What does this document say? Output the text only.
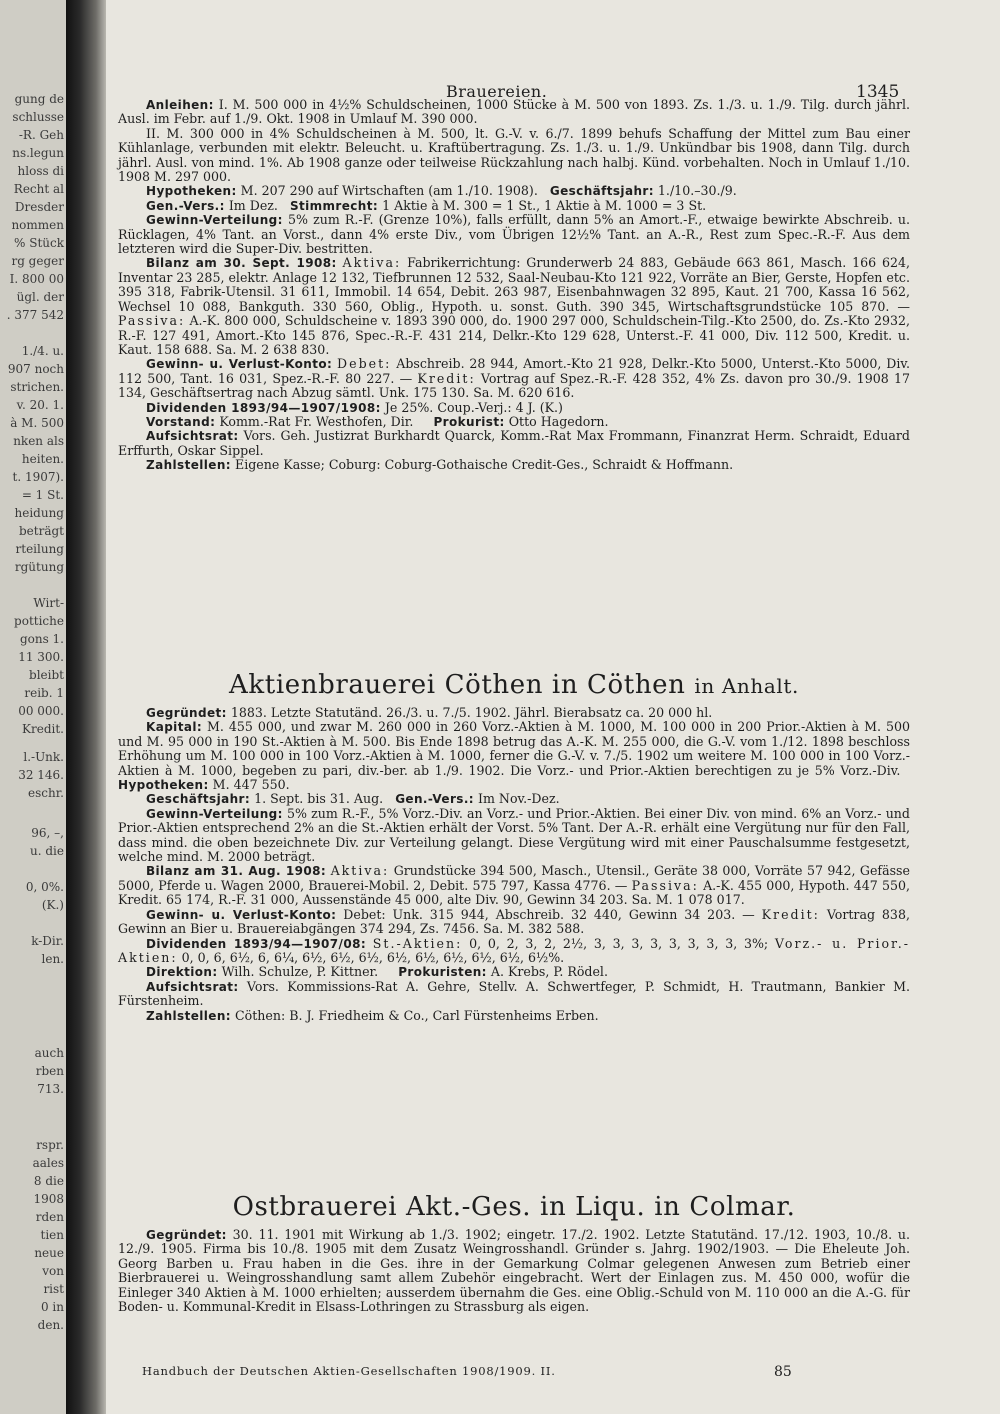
gung de
schlusse
-R. Geh
ns.legun
hloss di
Recht al
Dresder
nommen
% Stück
rg geger
I. 800 00
ügl. der
. 377 542
1./4. u.
907 noch
strichen.
v. 20. 1.
à M. 500
nken als
heiten.
t. 1907).
= 1 St.
heidung
beträgt
rteilung
rgütung
Wirt-
pottiche
gons 1.
11 300.
bleibt
reib. 1
00 000.
Kredit.
l.-Unk.
32 146.
eschr.
96, –,
u. die
0, 0%.
(K.)
k-Dir.
len.
auch
rben
713.
rspr.
aales
8 die
1908
rden
tien
neue
von
rist
0 in
den.
Brauereien.	1345

Anleihen: I. M. 500 000 in 4½% Schuldscheinen, 1000 Stücke à M. 500 von 1893. Zs. 1./3. u. 1./9. Tilg. durch jährl. Ausl. im Febr. auf 1./9. Okt. 1908 in Umlauf M. 390 000.

II. M. 300 000 in 4% Schuldscheinen à M. 500, lt. G.-V. v. 6./7. 1899 behufs Schaffung der Mittel zum Bau einer Kühlanlage, verbunden mit elektr. Beleucht. u. Kraftübertragung. Zs. 1./3. u. 1./9. Unkündbar bis 1908, dann Tilg. durch jährl. Ausl. von mind. 1%. Ab 1908 ganze oder teilweise Rückzahlung nach halbj. Künd. vorbehalten. Noch in Umlauf 1./10. 1908 M. 297 000.

Hypotheken: M. 207 290 auf Wirtschaften (am 1./10. 1908). Geschäftsjahr: 1./10.–30./9.

Gen.-Vers.: Im Dez. Stimmrecht: 1 Aktie à M. 300 = 1 St., 1 Aktie à M. 1000 = 3 St.

Gewinn-Verteilung: 5% zum R.-F. (Grenze 10%), falls erfüllt, dann 5% an Amort.-F., etwaige bewirkte Abschreib. u. Rücklagen, 4% Tant. an Vorst., dann 4% erste Div., vom Übrigen 12½% Tant. an A.-R., Rest zum Spec.-R.-F. Aus dem letzteren wird die Super-Div. bestritten.

Bilanz am 30. Sept. 1908: Aktiva: Fabrikerrichtung: Grunderwerb 24 883, Gebäude 663 861, Masch. 166 624, Inventar 23 285, elektr. Anlage 12 132, Tiefbrunnen 12 532, Saal-Neubau-Kto 121 922, Vorräte an Bier, Gerste, Hopfen etc. 395 318, Fabrik-Utensil. 31 611, Immobil. 14 654, Debit. 263 987, Eisenbahnwagen 32 895, Kaut. 21 700, Kassa 16 562, Wechsel 10 088, Bankguth. 330 560, Oblig., Hypoth. u. sonst. Guth. 390 345, Wirtschaftsgrundstücke 105 870. — Passiva: A.-K. 800 000, Schuldscheine v. 1893 390 000, do. 1900 297 000, Schuldschein-Tilg.-Kto 2500, do. Zs.-Kto 2932, R.-F. 127 491, Amort.-Kto 145 876, Spec.-R.-F. 431 214, Delkr.-Kto 129 628, Unterst.-F. 41 000, Div. 112 500, Kredit. u. Kaut. 158 688. Sa. M. 2 638 830.

Gewinn- u. Verlust-Konto: Debet: Abschreib. 28 944, Amort.-Kto 21 928, Delkr.-Kto 5000, Unterst.-Kto 5000, Div. 112 500, Tant. 16 031, Spez.-R.-F. 80 227. — Kredit: Vortrag auf Spez.-R.-F. 428 352, 4% Zs. davon pro 30./9. 1908 17 134, Geschäftsertrag nach Abzug sämtl. Unk. 175 130. Sa. M. 620 616.

Dividenden 1893/94—1907/1908: Je 25%. Coup.-Verj.: 4 J. (K.)

Vorstand: Komm.-Rat Fr. Westhofen, Dir. Prokurist: Otto Hagedorn.

Aufsichtsrat: Vors. Geh. Justizrat Burkhardt Quarck, Komm.-Rat Max Frommann, Finanzrat Herm. Schraidt, Eduard Erffurth, Oskar Sippel.

Zahlstellen: Eigene Kasse; Coburg: Coburg-Gothaische Credit-Ges., Schraidt & Hoffmann.

Aktienbrauerei Cöthen in Cöthen in Anhalt.

Gegründet: 1883. Letzte Statutänd. 26./3. u. 7./5. 1902. Jährl. Bierabsatz ca. 20 000 hl.

Kapital: M. 455 000, und zwar M. 260 000 in 260 Vorz.-Aktien à M. 1000, M. 100 000 in 200 Prior.-Aktien à M. 500 und M. 95 000 in 190 St.-Aktien à M. 500. Bis Ende 1898 betrug das A.-K. M. 255 000, die G.-V. vom 1./12. 1898 beschloss Erhöhung um M. 100 000 in 100 Vorz.-Aktien à M. 1000, ferner die G.-V. v. 7./5. 1902 um weitere M. 100 000 in 100 Vorz.-Aktien à M. 1000, begeben zu pari, div.-ber. ab 1./9. 1902. Die Vorz.- und Prior.-Aktien berechtigen zu je 5% Vorz.-Div.   Hypotheken: M. 447 550.

Geschäftsjahr: 1. Sept. bis 31. Aug. Gen.-Vers.: Im Nov.-Dez.

Gewinn-Verteilung: 5% zum R.-F., 5% Vorz.-Div. an Vorz.- und Prior.-Aktien. Bei einer Div. von mind. 6% an Vorz.- und Prior.-Aktien entsprechend 2% an die St.-Aktien erhält der Vorst. 5% Tant. Der A.-R. erhält eine Vergütung nur für den Fall, dass mind. die oben bezeichnete Div. zur Verteilung gelangt. Diese Vergütung wird mit einer Pauschalsumme festgesetzt, welche mind. M. 2000 beträgt.

Bilanz am 31. Aug. 1908: Aktiva: Grundstücke 394 500, Masch., Utensil., Geräte 38 000, Vorräte 57 942, Gefässe 5000, Pferde u. Wagen 2000, Brauerei-Mobil. 2, Debit. 575 797, Kassa 4776. — Passiva: A.-K. 455 000, Hypoth. 447 550, Kredit. 65 174, R.-F. 31 000, Aussenstände 45 000, alte Div. 90, Gewinn 34 203. Sa. M. 1 078 017.

Gewinn- u. Verlust-Konto: Debet: Unk. 315 944, Abschreib. 32 440, Gewinn 34 203. — Kredit: Vortrag 838, Gewinn an Bier u. Brauereiabgängen 374 294, Zs. 7456. Sa. M. 382 588.

Dividenden 1893/94—1907/08: St.-Aktien: 0, 0, 2, 3, 2, 2½, 3, 3, 3, 3, 3, 3, 3, 3, 3%; Vorz.- u. Prior.-Aktien: 0, 0, 6, 6½, 6, 6¼, 6½, 6½, 6½, 6½, 6½, 6½, 6½, 6½, 6½%.

Direktion: Wilh. Schulze, P. Kittner. Prokuristen: A. Krebs, P. Rödel.

Aufsichtsrat: Vors. Kommissions-Rat A. Gehre, Stellv. A. Schwertfeger, P. Schmidt, H. Trautmann, Bankier M. Fürstenheim.

Zahlstellen: Cöthen: B. J. Friedheim & Co., Carl Fürstenheims Erben.

Ostbrauerei Akt.-Ges. in Liqu. in Colmar.

Gegründet: 30. 11. 1901 mit Wirkung ab 1./3. 1902; eingetr. 17./2. 1902. Letzte Statutänd. 17./12. 1903, 10./8. u. 12./9. 1905. Firma bis 10./8. 1905 mit dem Zusatz Weingrosshandl. Gründer s. Jahrg. 1902/1903. — Die Eheleute Joh. Georg Barben u. Frau haben in die Ges. ihre in der Gemarkung Colmar gelegenen Anwesen zum Betrieb einer Bierbrauerei u. Weingrosshandlung samt allem Zubehör eingebracht. Wert der Einlagen zus. M. 450 000, wofür die Einleger 340 Aktien à M. 1000 erhielten; ausserdem übernahm die Ges. eine Oblig.-Schuld von M. 110 000 an die A.-G. für Boden- u. Kommunal-Kredit in Elsass-Lothringen zu Strassburg als eigen.

Handbuch der Deutschen Aktien-Gesellschaften 1908/1909. II.	85
